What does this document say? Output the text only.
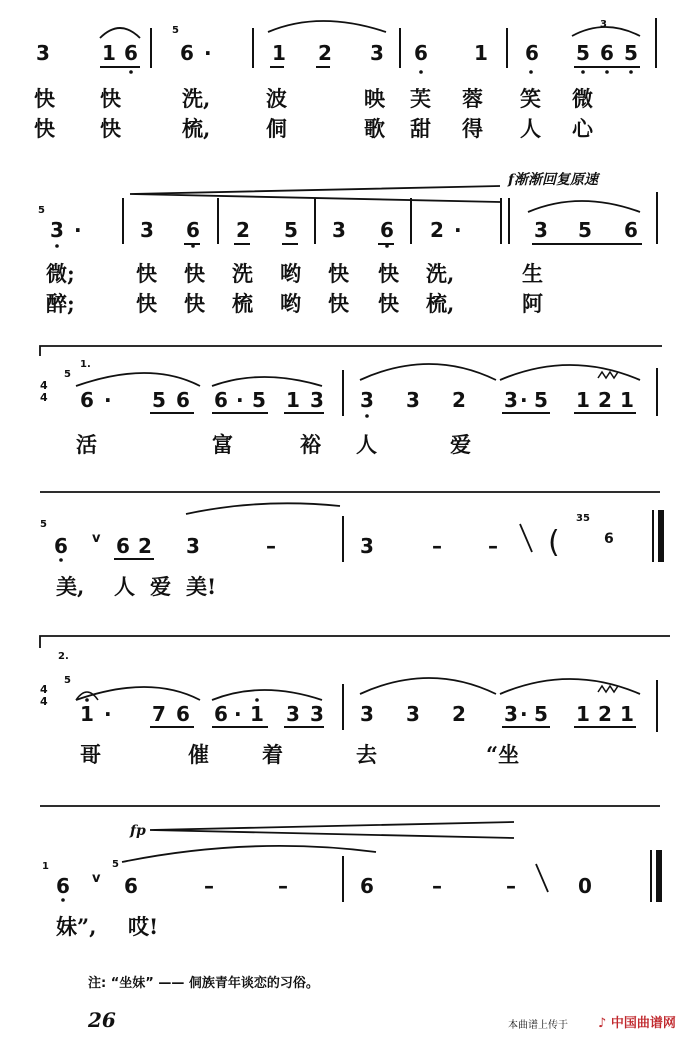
3	1 6
5
6 ·	1 2 3 6 1 6 5 6 5
3
快 快	洗,	波	映 芙 蓉 笑 微
快 快	梳,	侗	歌 甜 得 人 心
5
3 ·	3 6 2 5 3 6 2 ·	3 5 6
f渐渐回复原速
微;	快 快 洗 哟 快 快 洗,	生
醉;	快 快 梳 哟 快 快 梳,	阿
4
4
5
1.
6 · 5 6 6 · 5 1 3 3 3 2 3 · 5 1 2 1
活	富	裕 人	爱
5
6 v 6 2 3	–	3	– – (
35
6
美, 人 爱 美!
2.
4
4
5
1 · 7 6 6 · 1 3 3 3 3 2 3 · 5 1 2 1
哥	催	着	去	“坐
fp
1
6 v
5
6	–	–	6	–	–	0
妹”, 哎!
注: “坐妹” —— 侗族青年谈恋的习俗。
26	本曲谱上传于 ♪ 中国曲谱网
